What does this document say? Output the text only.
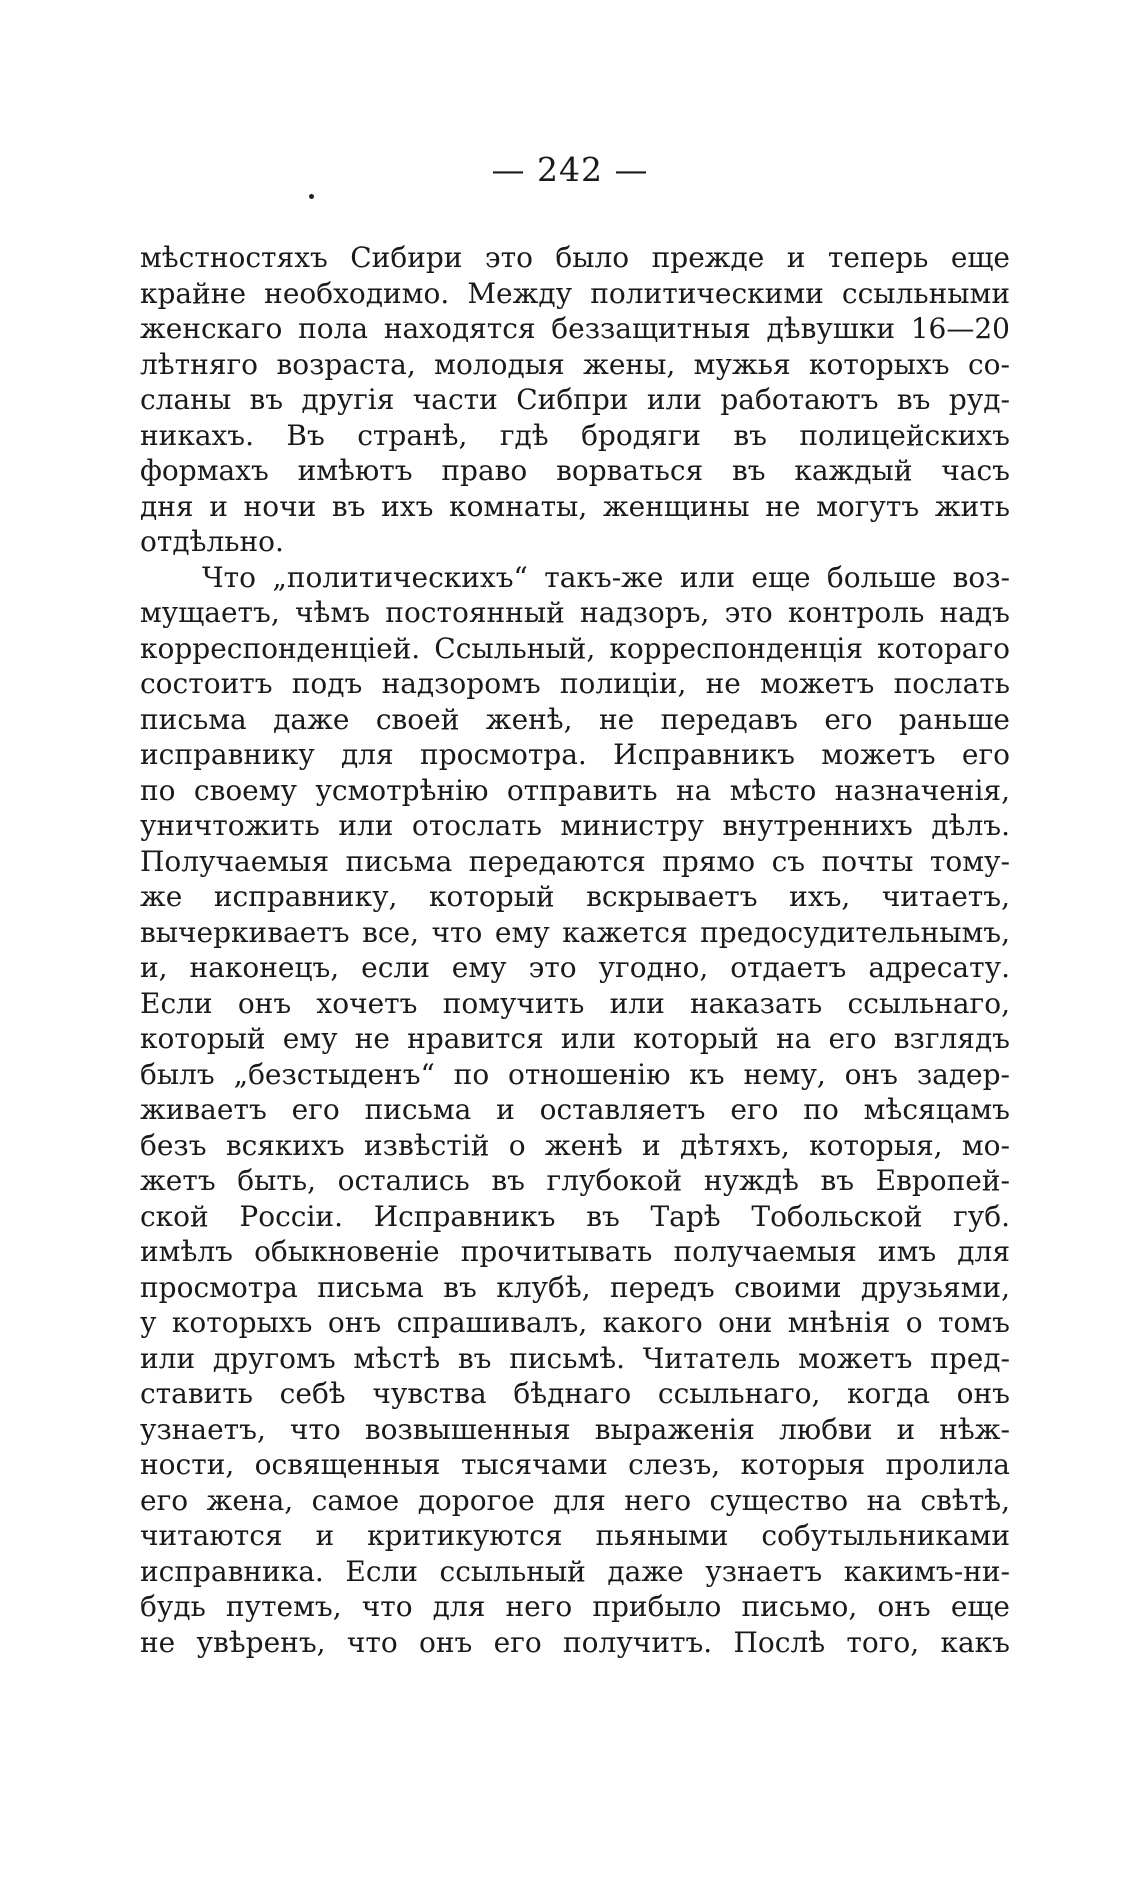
— 242 —
мѣстностяхъ Сибири это было прежде и теперь еще
крайне необходимо. Между политическими ссыльными
женскаго пола находятся беззащитныя дѣвушки 16—20
лѣтняго возраста, молодыя жены, мужья которыхъ со-
сланы въ другія части Сибпри или работаютъ въ руд-
никахъ. Въ странѣ, гдѣ бродяги въ полицейскихъ
формахъ имѣютъ право ворваться въ каждый часъ
дня и ночи въ ихъ комнаты, женщины не могутъ жить
отдѣльно.
Что „политическихъ“ такъ-же или еще больше воз-
мущаетъ, чѣмъ постоянный надзоръ, это контроль надъ
корреспонденціей. Ссыльный, корреспонденція котораго
состоитъ подъ надзоромъ полиціи, не можетъ послать
письма даже своей женѣ, не передавъ его раньше
исправнику для просмотра. Исправникъ можетъ его
по своему усмотрѣнію отправить на мѣсто назначенія,
уничтожить или отослать министру внутреннихъ дѣлъ.
Получаемыя письма передаются прямо съ почты тому-
же исправнику, который вскрываетъ ихъ, читаетъ,
вычеркиваетъ все, что ему кажется предосудительнымъ,
и, наконецъ, если ему это угодно, отдаетъ адресату.
Если онъ хочетъ помучить или наказать ссыльнаго,
который ему не нравится или который на его взглядъ
былъ „безстыденъ“ по отношенію къ нему, онъ задер-
живаетъ его письма и оставляетъ его по мѣсяцамъ
безъ всякихъ извѣстій о женѣ и дѣтяхъ, которыя, мо-
жетъ быть, остались въ глубокой нуждѣ въ Европей-
ской Россіи. Исправникъ въ Тарѣ Тобольской губ.
имѣлъ обыкновеніе прочитывать получаемыя имъ для
просмотра письма въ клубѣ, передъ своими друзьями,
у которыхъ онъ спрашивалъ, какого они мнѣнія о томъ
или другомъ мѣстѣ въ письмѣ. Читатель можетъ пред-
ставить себѣ чувства бѣднаго ссыльнаго, когда онъ
узнаетъ, что возвышенныя выраженія любви и нѣж-
ности, освященныя тысячами слезъ, которыя пролила
его жена, самое дорогое для него существо на свѣтѣ,
читаются и критикуются пьяными собутыльниками
исправника. Если ссыльный даже узнаетъ какимъ-ни-
будь путемъ, что для него прибыло письмо, онъ еще
не увѣренъ, что онъ его получитъ. Послѣ того, какъ
